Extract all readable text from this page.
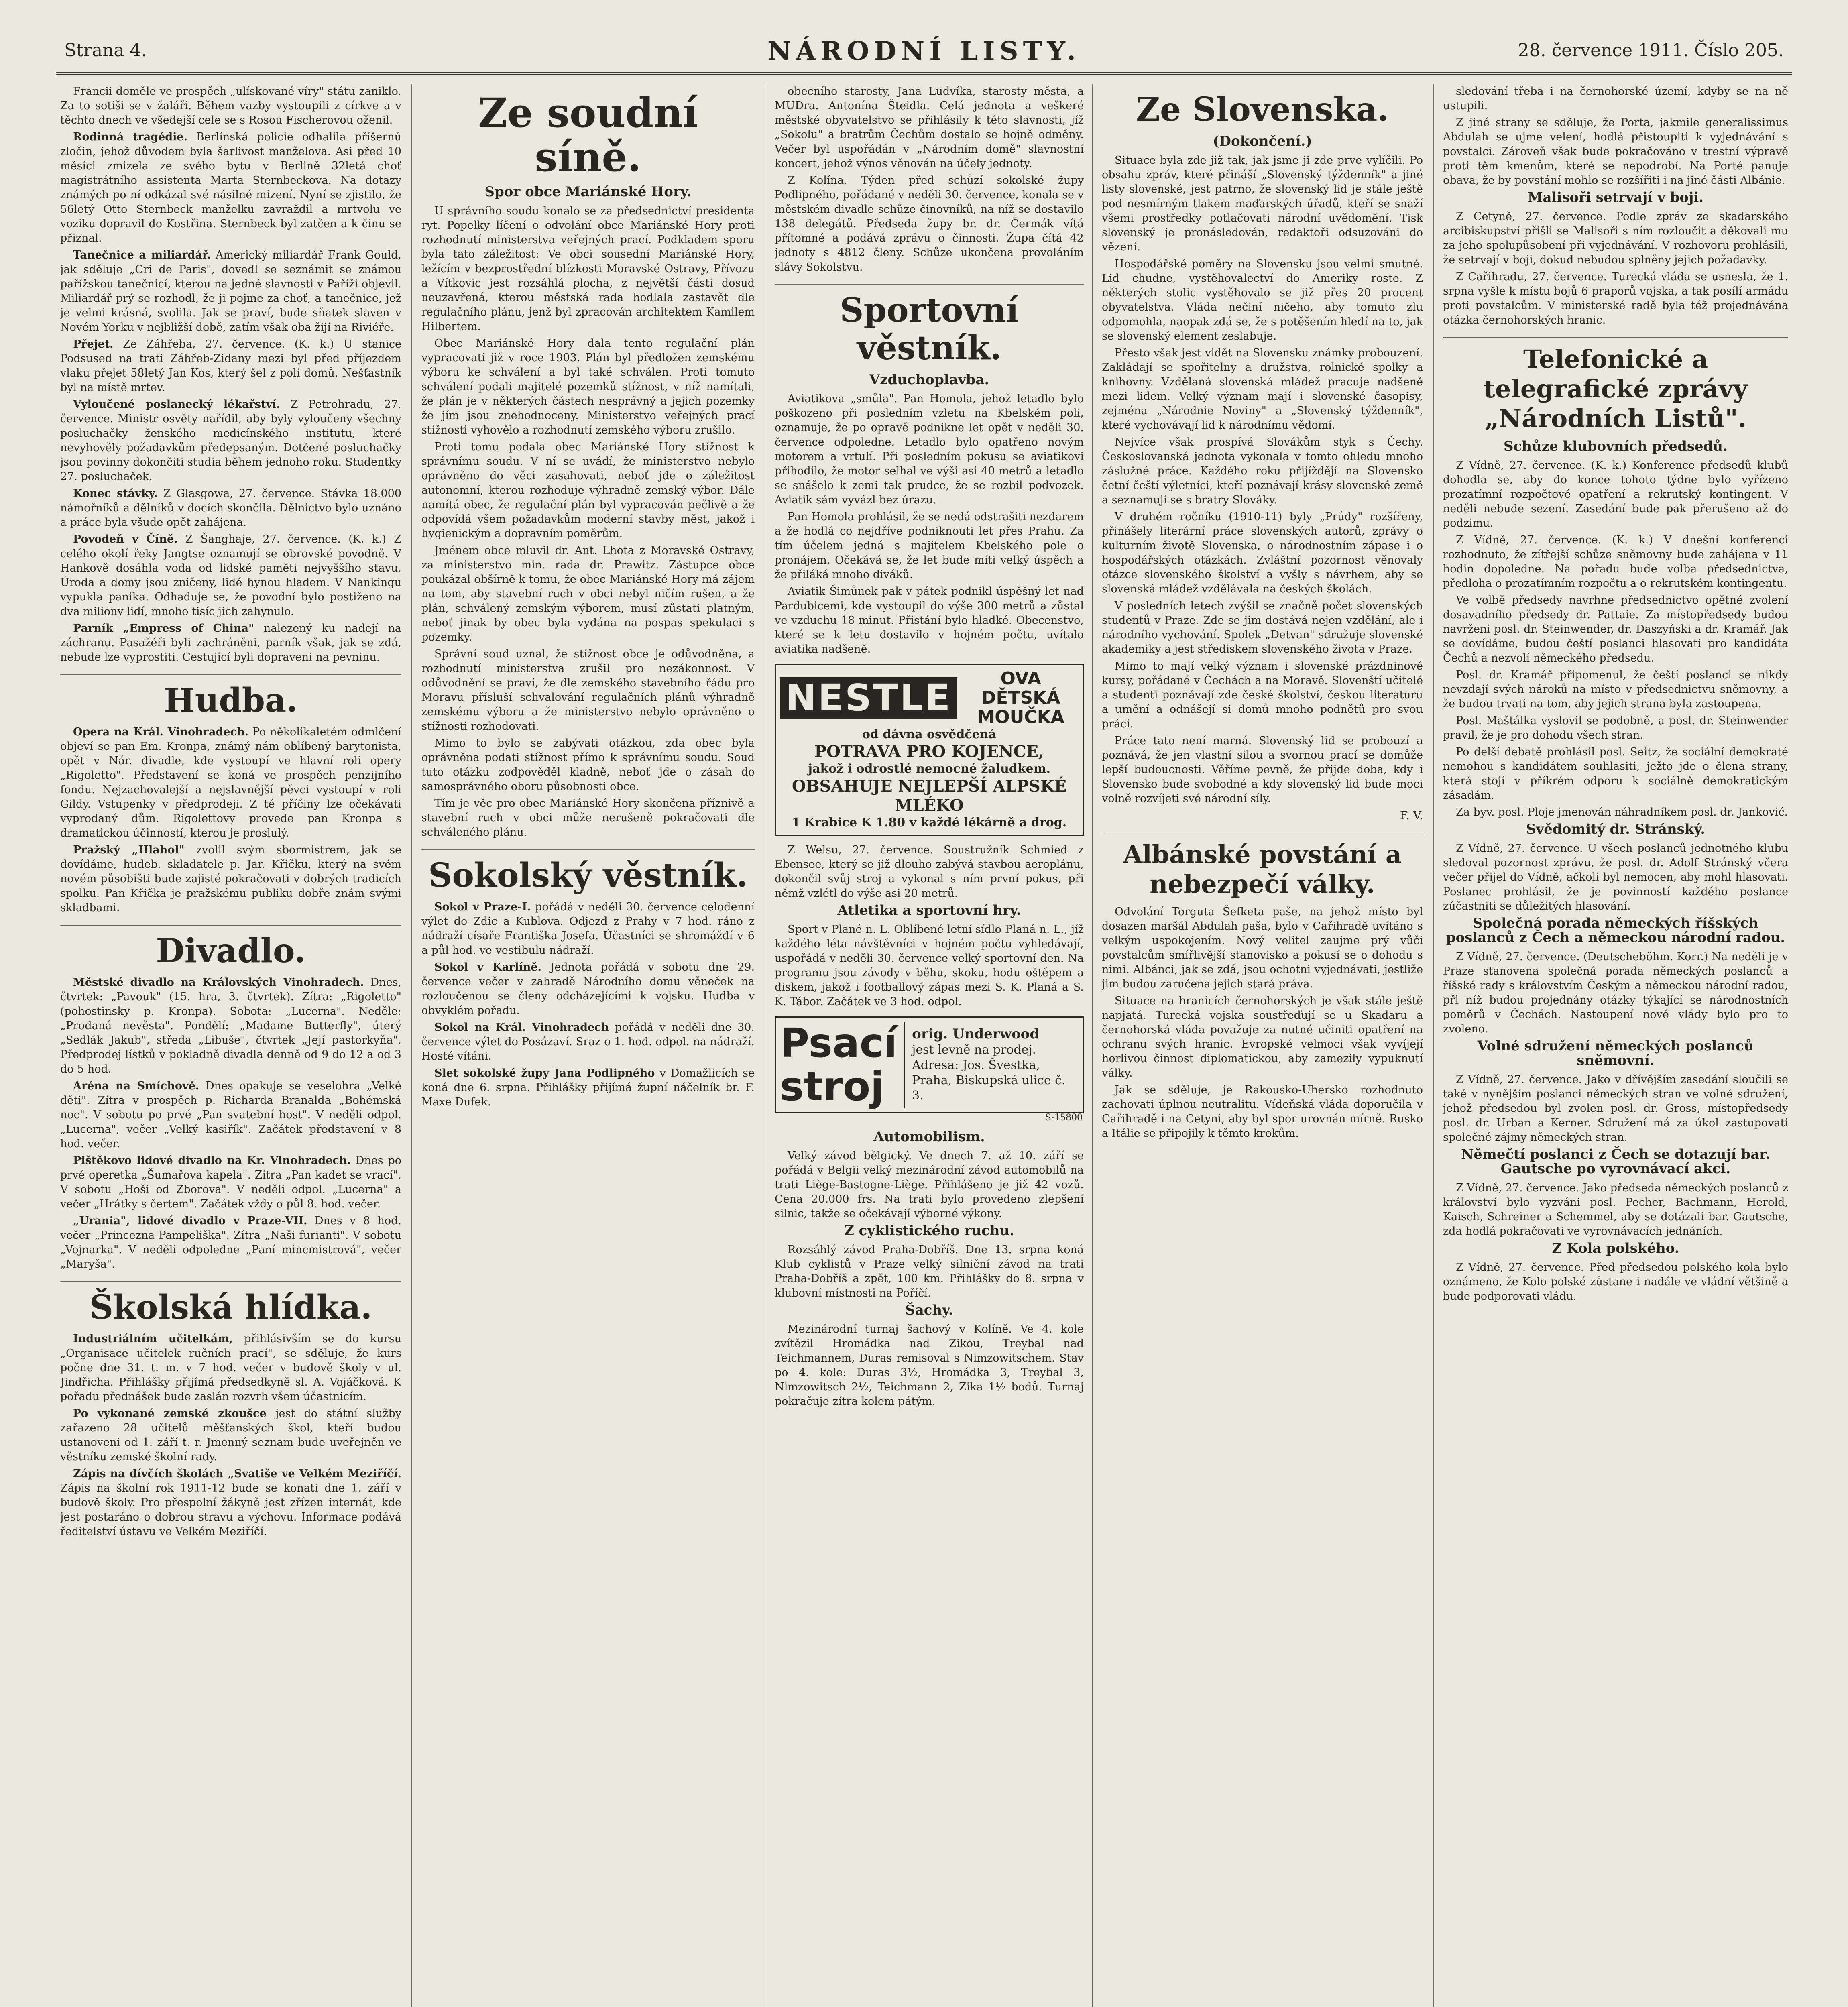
Strana 4.	NÁRODNÍ LISTY.	28. července 1911. Číslo 205.

Francii doměle ve prospěch „ulískované víry" státu zaniklo. Za to sotiši se v žaláři. Během vazby vystoupili z církve a v těchto dnech ve všedejší cele se s Rosou Fischerovou oženil.

Rodinná tragédie. Berlínská policie odhalila příšernú zločin, jehož důvodem byla šarlivost manželova. Asi před 10 měsíci zmizela ze svého bytu v Berlině 32letá choť magistrátního assistenta Marta Sternbeckova. Na dotazy známých po ní odkázal své násilné mizení. Nyní se zjistilo, že 56letý Otto Sternbeck manželku zavraždil a mrtvolu ve voziku dopravil do Kostřina. Sternbeck byl zatčen a k činu se přiznal.

Tanečnice a miliardář. Americký miliardář Frank Gould, jak sděluje „Cri de Paris", dovedl se seznámit se známou pařížskou tanečnicí, kterou na jedné slavnosti v Paříži objevil. Miliardář prý se rozhodl, že ji pojme za choť, a tanečnice, jež je velmi krásná, svolila. Jak se praví, bude sňatek slaven v Novém Yorku v nejbližší době, zatím však oba žijí na Riviéře.

Přejet. Ze Záhřeba, 27. července. (K. k.) U stanice Podsused na trati Záhřeb-Zidany mezi byl před příjezdem vlaku přejet 58letý Jan Kos, který šel z polí domů. Nešťastník byl na místě mrtev.

Vyloučené poslanecký lékařství. Z Petrohradu, 27. července. Ministr osvěty nařídil, aby byly vyloučeny všechny posluchačky ženského medicínského institutu, které nevyhověly požadavkům předepsaným. Dotčené posluchačky jsou povinny dokončiti studia během jednoho roku. Studentky 27. posluchaček.

Konec stávky. Z Glasgowa, 27. července. Stávka 18.000 námořníků a dělníků v docích skončila. Dělnictvo bylo uznáno a práce byla všude opět zahájena.

Povodeň v Číně. Z Šanghaje, 27. července. (K. k.) Z celého okolí řeky Jangtse oznamují se obrovské povodně. V Hankově dosáhla voda od lidské paměti nejvyššího stavu. Úroda a domy jsou zničeny, lidé hynou hladem. V Nankingu vypukla panika. Odhaduje se, že povodní bylo postiženo na dva miliony lidí, mnoho tisíc jich zahynulo.

Parník „Empress of China" nalezený ku nadejí na záchranu. Pasažéři byli zachráněni, parník však, jak se zdá, nebude lze vyprostiti. Cestující byli dopraveni na pevninu.

Hudba.

Opera na Král. Vinohradech. Po několikaletém odmlčení objeví se pan Em. Kronpa, známý nám oblíbený barytonista, opět v Nár. divadle, kde vystoupí ve hlavní roli opery „Rigoletto". Představení se koná ve prospěch penzijního fondu. Nejzachovalejší a nejslavnější pěvci vystoupí v roli Gildy. Vstupenky v předprodeji. Z té příčiny lze očekávati vyprodaný dům. Rigolettovy provede pan Kronpa s dramatickou účinností, kterou je proslulý.

Pražský „Hlahol" zvolil svým sbormistrem, jak se dovídáme, hudeb. skladatele p. Jar. Křičku, který na svém novém působišti bude zajisté pokračovati v dobrých tradicích spolku. Pan Křička je pražskému publiku dobře znám svými skladbami.

Divadlo.

Městské divadlo na Královských Vinohradech. Dnes, čtvrtek: „Pavouk" (15. hra, 3. čtvrtek). Zítra: „Rigoletto" (pohostinsky p. Kronpa). Sobota: „Lucerna". Neděle: „Prodaná nevěsta". Pondělí: „Madame Butterfly", úterý „Sedlák Jakub", středa „Libuše", čtvrtek „Její pastorkyňa". Předprodej lístků v pokladně divadla denně od 9 do 12 a od 3 do 5 hod.

Aréna na Smíchově. Dnes opakuje se veselohra „Velké děti". Zítra v prospěch p. Richarda Branalda „Bohémská noc". V sobotu po prvé „Pan svatební host". V neděli odpol. „Lucerna", večer „Velký kasiřík". Začátek představení v 8 hod. večer.

Pištěkovo lidové divadlo na Kr. Vinohradech. Dnes po prvé operetka „Šumařova kapela". Zítra „Pan kadet se vrací". V sobotu „Hoši od Zborova". V neděli odpol. „Lucerna" a večer „Hrátky s čertem". Začátek vždy o půl 8. hod. večer.

„Urania", lidové divadlo v Praze-VII. Dnes v 8 hod. večer „Princezna Pampeliška". Zítra „Naši furianti". V sobotu „Vojnarka". V neděli odpoledne „Paní mincmistrová", večer „Maryša".

Školská hlídka.

Industriálním učitelkám, přihlásivším se do kursu „Organisace učitelek ručních prací", se sděluje, že kurs počne dne 31. t. m. v 7 hod. večer v budově školy v ul. Jindřicha. Přihlášky přijímá předsedkyně sl. A. Vojáčková. K pořadu přednášek bude zaslán rozvrh všem účastnicím.

Po vykonané zemské zkoušce jest do státní služby zařazeno 28 učitelů měšťanských škol, kteří budou ustanoveni od 1. září t. r. Jmenný seznam bude uveřejněn ve věstníku zemské školní rady.

Zápis na dívčích školách „Svatiše ve Velkém Meziříčí. Zápis na školní rok 1911-12 bude se konati dne 1. září v budově školy. Pro přespolní žákyně jest zřízen internát, kde jest postaráno o dobrou stravu a výchovu. Informace podává ředitelství ústavu ve Velkém Meziříčí.

Ze soudní síně.
Spor obce Mariánské Hory.

U správního soudu konalo se za předsednictví presidenta ryt. Popelky líčení o odvolání obce Mariánské Hory proti rozhodnutí ministerstva veřejných prací. Podkladem sporu byla tato záležitost: Ve obci sousední Mariánské Hory, ležícím v bezprostřední blízkosti Moravské Ostravy, Přívozu a Vítkovic jest rozsáhlá plocha, z největší části dosud neuzavřená, kterou městská rada hodlala zastavět dle regulačního plánu, jenž byl zpracován architektem Kamilem Hilbertem.

Obec Mariánské Hory dala tento regulační plán vypracovati již v roce 1903. Plán byl předložen zemskému výboru ke schválení a byl také schválen. Proti tomuto schválení podali majitelé pozemků stížnost, v níž namítali, že plán je v některých částech nesprávný a jejich pozemky že jím jsou znehodnoceny. Ministerstvo veřejných prací stížnosti vyhovělo a rozhodnutí zemského výboru zrušilo.

Proti tomu podala obec Mariánské Hory stížnost k správnímu soudu. V ní se uvádí, že ministerstvo nebylo oprávněno do věci zasahovati, neboť jde o záležitost autonomní, kterou rozhoduje výhradně zemský výbor. Dále namítá obec, že regulační plán byl vypracován pečlivě a že odpovídá všem požadavkům moderní stavby měst, jakož i hygienickým a dopravním poměrům.

Jménem obce mluvil dr. Ant. Lhota z Moravské Ostravy, za ministerstvo min. rada dr. Prawitz. Zástupce obce poukázal obšírně k tomu, že obec Mariánské Hory má zájem na tom, aby stavební ruch v obci nebyl ničím rušen, a že plán, schválený zemským výborem, musí zůstati platným, neboť jinak by obec byla vydána na pospas spekulaci s pozemky.

Správní soud uznal, že stížnost obce je odůvodněna, a rozhodnutí ministerstva zrušil pro nezákonnost. V odůvodnění se praví, že dle zemského stavebního řádu pro Moravu přísluší schvalování regulačních plánů výhradně zemskému výboru a že ministerstvo nebylo oprávněno o stížnosti rozhodovati.

Mimo to bylo se zabývati otázkou, zda obec byla oprávněna podati stížnost přímo k správnímu soudu. Soud tuto otázku zodpověděl kladně, neboť jde o zásah do samosprávného oboru působnosti obce.

Tím je věc pro obec Mariánské Hory skončena příznivě a stavební ruch v obci může nerušeně pokračovati dle schváleného plánu.

Sokolský věstník.

Sokol v Praze-I. pořádá v neděli 30. července celodenní výlet do Zdic a Kublova. Odjezd z Prahy v 7 hod. ráno z nádraží císaře Františka Josefa. Účastníci se shromáždí v 6 a půl hod. ve vestibulu nádraží.

Sokol v Karlíně. Jednota pořádá v sobotu dne 29. července večer v zahradě Národního domu věneček na rozloučenou se členy odcházejícími k vojsku. Hudba v obvyklém pořadu.

Sokol na Král. Vinohradech pořádá v neděli dne 30. července výlet do Posázaví. Sraz o 1. hod. odpol. na nádraží. Hosté vítáni.

Slet sokolské župy Jana Podlipného v Domažlicích se koná dne 6. srpna. Přihlášky přijímá župní náčelník br. F. Maxe Dufek.

obecního starosty, Jana Ludvíka, starosty města, a MUDra. Antonína Šteidla. Celá jednota a veškeré městské obyvatelstvo se přihlásily k této slavnosti, jíž „Sokolu" a bratrům Čechům dostalo se hojně odměny. Večer byl uspořádán v „Národním domě" slavnostní koncert, jehož výnos věnován na účely jednoty.

Z Kolína. Týden před schůzí sokolské župy Podlipného, pořádané v neděli 30. července, konala se v městském divadle schůze činovníků, na níž se dostavilo 138 delegátů. Předseda župy br. dr. Čermák vítá přítomné a podává zprávu o činnosti. Župa čítá 42 jednoty s 4812 členy. Schůze ukončena provoláním slávy Sokolstvu.

Sportovní věstník.
Vzduchoplavba.

Aviatikova „smůla". Pan Homola, jehož letadlo bylo poškozeno při posledním vzletu na Kbelském poli, oznamuje, že po opravě podnikne let opět v neděli 30. července odpoledne. Letadlo bylo opatřeno novým motorem a vrtulí. Při posledním pokusu se aviatikovi přihodilo, že motor selhal ve výši asi 40 metrů a letadlo se snášelo k zemi tak prudce, že se rozbil podvozek. Aviatik sám vyvázl bez úrazu.

Pan Homola prohlásil, že se nedá odstrašiti nezdarem a že hodlá co nejdříve podniknouti let přes Prahu. Za tím účelem jedná s majitelem Kbelského pole o pronájem. Očekává se, že let bude míti velký úspěch a že přiláká mnoho diváků.

Aviatik Šimůnek pak v pátek podnikl úspěšný let nad Pardubicemi, kde vystoupil do výše 300 metrů a zůstal ve vzduchu 18 minut. Přistání bylo hladké. Obecenstvo, které se k letu dostavilo v hojném počtu, uvítalo aviatika nadšeně.

NESTLE	OVA DĚTSKÁ MOUČKA
od dávna osvědčená
POTRAVA PRO KOJENCE,
jakož i odrostlé nemocné žaludkem.
OBSAHUJE NEJLEPŠÍ ALPSKÉ MLÉKO
1 Krabice K 1.80 v každé lékárně a drog.

Z Welsu, 27. července. Soustružník Schmied z Ebensee, který se již dlouho zabývá stavbou aeroplánu, dokončil svůj stroj a vykonal s ním první pokus, při němž vzlétl do výše asi 20 metrů.

Atletika a sportovní hry.

Sport v Plané n. L. Oblíbené letní sídlo Planá n. L., jíž každého léta návštěvníci v hojném počtu vyhledávají, uspořádá v neděli 30. července velký sportovní den. Na programu jsou závody v běhu, skoku, hodu oštěpem a diskem, jakož i footballový zápas mezi S. K. Planá a S. K. Tábor. Začátek ve 3 hod. odpol.

Psací stroj
orig. Underwood
jest levně na prodej. Adresa: Jos. Švestka, Praha, Biskupská ulice č. 3.
S-15800
Automobilism.

Velký závod bělgický. Ve dnech 7. až 10. září se pořádá v Belgii velký mezinárodní závod automobilů na trati Liège-Bastogne-Liège. Přihlášeno je již 42 vozů. Cena 20.000 frs. Na trati bylo provedeno zlepšení silnic, takže se očekávají výborné výkony.

Z cyklistického ruchu.

Rozsáhlý závod Praha-Dobříš. Dne 13. srpna koná Klub cyklistů v Praze velký silniční závod na trati Praha-Dobříš a zpět, 100 km. Přihlášky do 8. srpna v klubovní místnosti na Poříčí.

Šachy.

Mezinárodní turnaj šachový v Kolíně. Ve 4. kole zvítězil Hromádka nad Zikou, Treybal nad Teichmannem, Duras remisoval s Nimzowitschem. Stav po 4. kole: Duras 3½, Hromádka 3, Treybal 3, Nimzowitsch 2½, Teichmann 2, Zika 1½ bodů. Turnaj pokračuje zítra kolem pátým.

Ze Slovenska.
(Dokončení.)

Situace byla zde již tak, jak jsme ji zde prve vylíčili. Po obsahu zpráv, které přináší „Slovenský týždenník" a jiné listy slovenské, jest patrno, že slovenský lid je stále ještě pod nesmírným tlakem maďarských úřadů, kteří se snaží všemi prostředky potlačovati národní uvědomění. Tisk slovenský je pronásledován, redaktoři odsuzováni do vězení.

Hospodářské poměry na Slovensku jsou velmi smutné. Lid chudne, vystěhovalectví do Ameriky roste. Z některých stolic vystěhovalo se již přes 20 procent obyvatelstva. Vláda nečiní ničeho, aby tomuto zlu odpomohla, naopak zdá se, že s potěšením hledí na to, jak se slovenský element zeslabuje.

Přesto však jest vidět na Slovensku známky probouzení. Zakládají se spořitelny a družstva, rolnické spolky a knihovny. Vzdělaná slovenská mládež pracuje nadšeně mezi lidem. Velký význam mají i slovenské časopisy, zejména „Národnie Noviny" a „Slovenský týždenník", které vychovávají lid k národnímu vědomí.

Nejvíce však prospívá Slovákům styk s Čechy. Českoslovanská jednota vykonala v tomto ohledu mnoho záslužné práce. Každého roku přijíždějí na Slovensko četní čeští výletníci, kteří poznávají krásy slovenské země a seznamují se s bratry Slováky.

V druhém ročníku (1910-11) byly „Prúdy" rozšířeny, přinášely literární práce slovenských autorů, zprávy o kulturním životě Slovenska, o národnostním zápase i o hospodářských otázkách. Zvláštní pozornost věnovaly otázce slovenského školství a vyšly s návrhem, aby se slovenská mládež vzdělávala na českých školách.

V posledních letech zvýšil se značně počet slovenských studentů v Praze. Zde se jim dostává nejen vzdělání, ale i národního vychování. Spolek „Detvan" sdružuje slovenské akademiky a jest střediskem slovenského života v Praze.

Mimo to mají velký význam i slovenské prázdninové kursy, pořádané v Čechách a na Moravě. Slovenští učitelé a studenti poznávají zde české školství, českou literaturu a umění a odnášejí si domů mnoho podnětů pro svou práci.

Práce tato není marná. Slovenský lid se probouzí a poznává, že jen vlastní silou a svornou prací se domůže lepší budoucnosti. Věříme pevně, že přijde doba, kdy i Slovensko bude svobodné a kdy slovenský lid bude moci volně rozvíjeti své národní síly.

F. V.
Albánské povstání a nebezpečí války.

Odvolání Torguta Šefketa paše, na jehož místo byl dosazen maršál Abdulah paša, bylo v Cařihradě uvítáno s velkým uspokojením. Nový velitel zaujme prý vůči povstalcům smířlivější stanovisko a pokusí se o dohodu s nimi. Albánci, jak se zdá, jsou ochotni vyjednávati, jestliže jim budou zaručena jejich stará práva.

Situace na hranicích černohorských je však stále ještě napjatá. Turecká vojska soustřeďují se u Skadaru a černohorská vláda považuje za nutné učiniti opatření na ochranu svých hranic. Evropské velmoci však vyvíjejí horlivou činnost diplomatickou, aby zamezily vypuknutí války.

Jak se sděluje, je Rakousko-Uhersko rozhodnuto zachovati úplnou neutralitu. Vídeňská vláda doporučila v Cařihradě i na Cetyni, aby byl spor urovnán mírně. Rusko a Itálie se připojily k těmto krokům.

sledování třeba i na černohorské území, kdyby se na ně ustupili.

Z jiné strany se sděluje, že Porta, jakmile generalissimus Abdulah se ujme velení, hodlá přistoupiti k vyjednávání s povstalci. Zároveň však bude pokračováno v trestní výpravě proti těm kmenům, které se nepodrobí. Na Porté panuje obava, že by povstání mohlo se rozšířiti i na jiné části Albánie.

Malisoři setrvají v boji.

Z Cetyně, 27. července. Podle zpráv ze skadarského arcibiskupství přišli se Malisoři s ním rozloučit a děkovali mu za jeho spolupůsobení při vyjednávání. V rozhovoru prohlásili, že setrvají v boji, dokud nebudou splněny jejich požadavky.

Z Cařihradu, 27. července. Turecká vláda se usnesla, že 1. srpna vyšle k místu bojů 6 praporů vojska, a tak posílí armádu proti povstalcům. V ministerské radě byla též projednávána otázka černohorských hranic.

Telefonické a telegrafické zprávy „Národních Listů".
Schůze klubovních předsedů.

Z Vídně, 27. července. (K. k.) Konference předsedů klubů dohodla se, aby do konce tohoto týdne bylo vyřízeno prozatímní rozpočtové opatření a rekrutský kontingent. V neděli nebude sezení. Zasedání bude pak přerušeno až do podzimu.

Z Vídně, 27. července. (K. k.) V dnešní konferenci rozhodnuto, že zítřejší schůze sněmovny bude zahájena v 11 hodin dopoledne. Na pořadu bude volba předsednictva, předloha o prozatímním rozpočtu a o rekrutském kontingentu.

Ve volbě předsedy navrhne předsednictvo opětné zvolení dosavadního předsedy dr. Pattaie. Za místopředsedy budou navrženi posl. dr. Steinwender, dr. Daszyński a dr. Kramář. Jak se dovídáme, budou čeští poslanci hlasovati pro kandidáta Čechů a nezvolí německého předsedu.

Posl. dr. Kramář připomenul, že čeští poslanci se nikdy nevzdají svých nároků na místo v předsednictvu sněmovny, a že budou trvati na tom, aby jejich strana byla zastoupena.

Posl. Maštálka vyslovil se podobně, a posl. dr. Steinwender pravil, že je pro dohodu všech stran.

Po delší debatě prohlásil posl. Seitz, že sociální demokraté nemohou s kandidátem souhlasiti, ježto jde o člena strany, která stojí v příkrém odporu k sociálně demokratickým zásadám.

Za byv. posl. Ploje jmenován náhradníkem posl. dr. Janković.

Svědomitý dr. Stránský.

Z Vídně, 27. července. U všech poslanců jednotného klubu sledoval pozornost zprávu, že posl. dr. Adolf Stránský včera večer přijel do Vídně, ačkoli byl nemocen, aby mohl hlasovati. Poslanec prohlásil, že je povinností každého poslance zúčastniti se důležitých hlasování.

Společná porada německých říšských poslanců z Čech a německou národní radou.

Z Vídně, 27. července. (Deutscheböhm. Korr.) Na neděli je v Praze stanovena společná porada německých poslanců a říšské rady s královstvím Českým a německou národní radou, při níž budou projednány otázky týkající se národnostních poměrů v Čechách. Nastoupení nové vlády bylo pro to zvoleno.

Volné sdružení německých poslanců sněmovní.

Z Vídně, 27. července. Jako v dřívějším zasedání sloučili se také v nynějším poslanci německých stran ve volné sdružení, jehož předsedou byl zvolen posl. dr. Gross, místopředsedy posl. dr. Urban a Kerner. Sdružení má za úkol zastupovati společné zájmy německých stran.

Němečtí poslanci z Čech se dotazují bar. Gautsche po vyrovnávací akci.

Z Vídně, 27. července. Jako předseda německých poslanců z království bylo vyzváni posl. Pecher, Bachmann, Herold, Kaisch, Schreiner a Schemmel, aby se dotázali bar. Gautsche, zda hodlá pokračovati ve vyrovnávacích jednáních.

Z Kola polského.

Z Vídně, 27. července. Před předsedou polského kola bylo oznámeno, že Kolo polské zůstane i nadále ve vládní většině a bude podporovati vládu.
